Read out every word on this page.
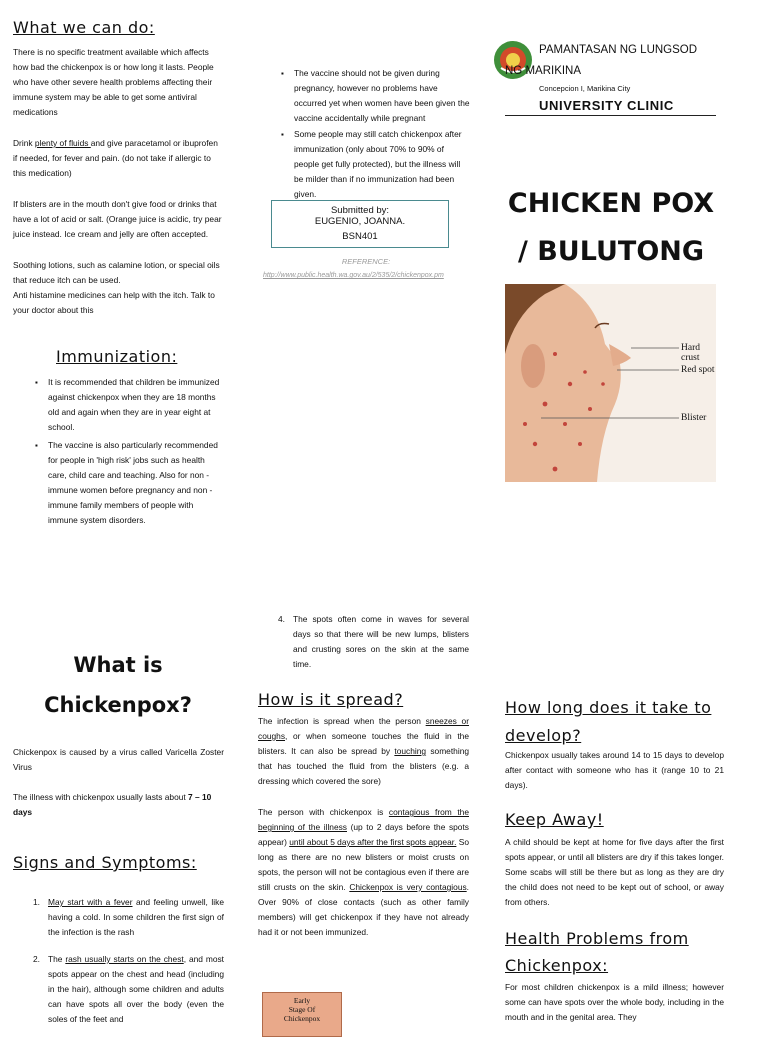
What we can do:

There is no specific treatment available which affects how bad the chickenpox is or how long it lasts. People who have other severe health problems affecting their immune system may be able to get some antiviral medications

Drink plenty of fluids and give paracetamol or ibuprofen if needed, for fever and pain. (do not take if allergic to this medication)

If blisters are in the mouth don't give food or drinks that have a lot of acid or salt. (Orange juice is acidic, try pear juice instead. Ice cream and jelly are often accepted.

Soothing lotions, such as calamine lotion, or special oils that reduce itch can be used.

Anti histamine medicines can help with the itch. Talk to your doctor about this

Immunization:
▪ It is recommended that children be immunized against chickenpox when they are 18 months old and again when they are in year eight at school.
▪ The vaccine is also particularly recommended for people in 'high risk' jobs such as health care, child care and teaching. Also for non - immune women before pregnancy and non - immune family members of people with immune system disorders.
▪ The vaccine should not be given during pregnancy, however no problems have occurred yet when women have been given the vaccine accidentally while pregnant
▪ Some people may still catch chickenpox after immunization (only about 70% to 90% of people get fully protected), but the illness will be milder than if no immunization had been given.
Submitted by:
EUGENIO, JOANNA.
BSN401
REFERENCE:
http://www.public.health.wa.gov.au/2/535/2/chickenpox.pm
PAMANTASAN NG LUNGSOD
NG MARIKINA
Concepcion I, Marikina City
UNIVERSITY CLINIC
CHICKEN POX
/ BULUTONG
Hard crust
Red spot
Blister
What is
Chickenpox?
Chickenpox is caused by a virus called Varicella Zoster Virus
The illness with chickenpox usually lasts about 7 – 10 days
Signs and Symptoms:
1. May start with a fever and feeling unwell, like having a cold. In some children the first sign of the infection is the rash
2. The rash usually starts on the chest, and most spots appear on the chest and head (including in the hair), although some children and adults can have spots all over the body (even the soles of the feet and
4. The spots often come in waves for several days so that there will be new lumps, blisters and crusting sores on the skin at the same time.
How is it spread?

The infection is spread when the person sneezes or coughs, or when someone touches the fluid in the blisters. It can also be spread by touching something that has touched the fluid from the blisters (e.g. a dressing which covered the sore)

The person with chickenpox is contagious from the beginning of the illness (up to 2 days before the spots appear) until about 5 days after the first spots appear. So long as there are no new blisters or moist crusts on spots, the person will not be contagious even if there are still crusts on the skin. Chickenpox is very contagious. Over 90% of close contacts (such as other family members) will get chickenpox if they have not already had it or not been immunized.

Early
Stage Of
Chickenpox
How long does it take to
develop?
Chickenpox usually takes around 14 to 15 days to develop after contact with someone who has it (range 10 to 21 days).
Keep Away!
A child should be kept at home for five days after the first spots appear, or until all blisters are dry if this takes longer. Some scabs will still be there but as long as they are dry the child does not need to be kept out of school, or away from others.
Health Problems from
Chickenpox:
For most children chickenpox is a mild illness; however some can have spots over the whole body, including in the mouth and in the genital area. They
